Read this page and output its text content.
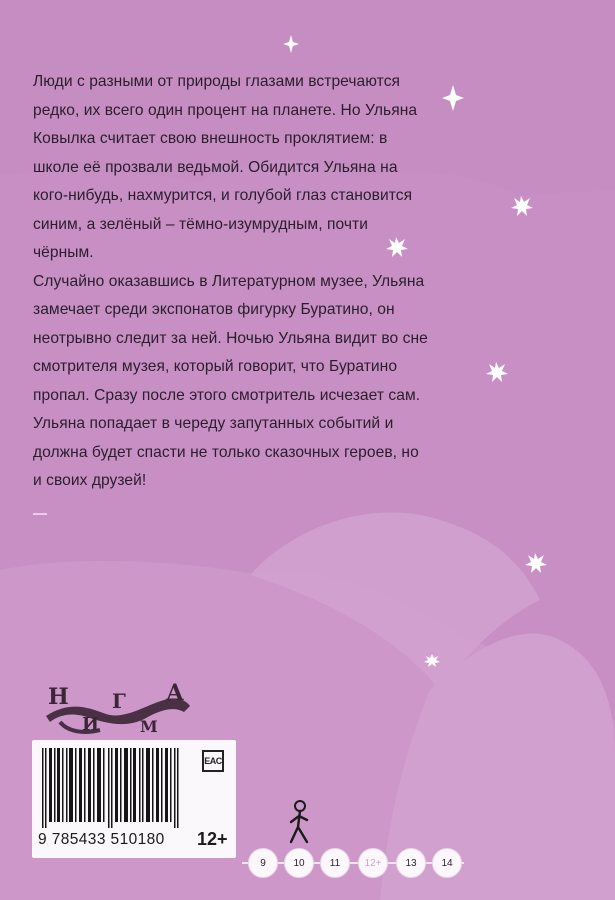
Люди с разными от природы глазами встречаются редко, их всего один процент на планете. Но Ульяна Ковылка считает свою внешность проклятием: в школе её прозвали ведьмой. Обидится Ульяна на кого-нибудь, нахмурится, и голубой глаз становится синим, а зелёный – тёмно-изумрудным, почти чёрным.

Случайно оказавшись в Литературном музее, Ульяна замечает среди экспонатов фигурку Буратино, он неотрывно следит за ней. Ночью Ульяна видит во сне смотрителя музея, который говорит, что Буратино пропал. Сразу после этого смотритель исчезает сам. Ульяна попадает в череду запутанных событий и должна будет спасти не только сказочных героев, но и своих друзей!

Н
И
Г
М
А
9 785433 510180
EAC
12+
9	10	11	12+	13	14
